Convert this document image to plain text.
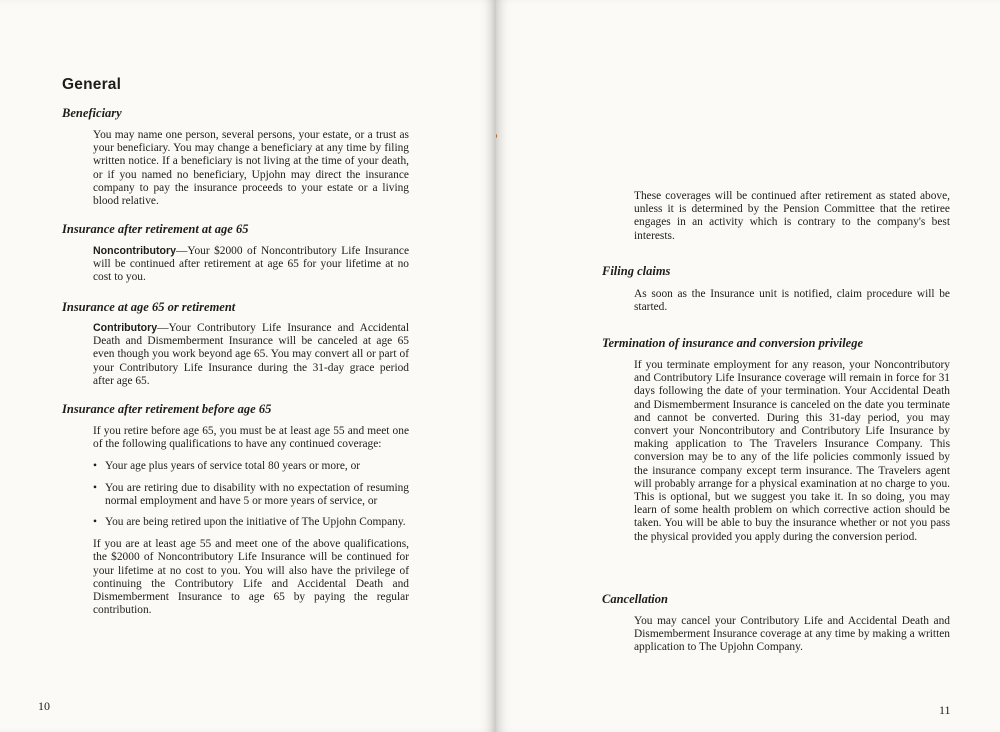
General
Beneficiary

You may name one person, several persons, your estate, or a trust as your beneficiary. You may change a beneficiary at any time by filing written notice. If a beneficiary is not living at the time of your death, or if you named no beneficiary, Upjohn may direct the insurance company to pay the insurance proceeds to your estate or a living blood relative.

Insurance after retirement at age 65

Noncontributory—Your $2000 of Noncontributory Life Insurance will be continued after retirement at age 65 for your lifetime at no cost to you.

Insurance at age 65 or retirement

Contributory—Your Contributory Life Insurance and Accidental Death and Dismemberment Insurance will be canceled at age 65 even though you work beyond age 65. You may convert all or part of your Contributory Life Insurance during the 31-day grace period after age 65.

Insurance after retirement before age 65

If you retire before age 65, you must be at least age 55 and meet one of the following qualifications to have any continued coverage:

• Your age plus years of service total 80 years or more, or
• You are retiring due to disability with no expectation of resuming normal employment and have 5 or more years of service, or
• You are being retired upon the initiative of The Upjohn Company.

If you are at least age 55 and meet one of the above qualifications, the $2000 of Noncontributory Life Insurance will be continued for your lifetime at no cost to you. You will also have the privilege of continuing the Contributory Life and Accidental Death and Dismemberment Insurance to age 65 by paying the regular contribution.

10

These coverages will be continued after retirement as stated above, unless it is determined by the Pension Committee that the retiree engages in an activity which is contrary to the company's best interests.

Filing claims

As soon as the Insurance unit is notified, claim procedure will be started.

Termination of insurance and conversion privilege

If you terminate employment for any reason, your Noncontributory and Contributory Life Insurance coverage will remain in force for 31 days following the date of your termination. Your Accidental Death and Dismemberment Insurance is canceled on the date you terminate and cannot be converted. During this 31-day period, you may convert your Noncontributory and Contributory Life Insurance by making application to The Travelers Insurance Company. This conversion may be to any of the life policies commonly issued by the insurance company except term insurance. The Travelers agent will probably arrange for a physical examination at no charge to you. This is optional, but we suggest you take it. In so doing, you may learn of some health problem on which corrective action should be taken. You will be able to buy the insurance whether or not you pass the physical provided you apply during the conversion period.

Cancellation

You may cancel your Contributory Life and Accidental Death and Dismemberment Insurance coverage at any time by making a written application to The Upjohn Company.

11
